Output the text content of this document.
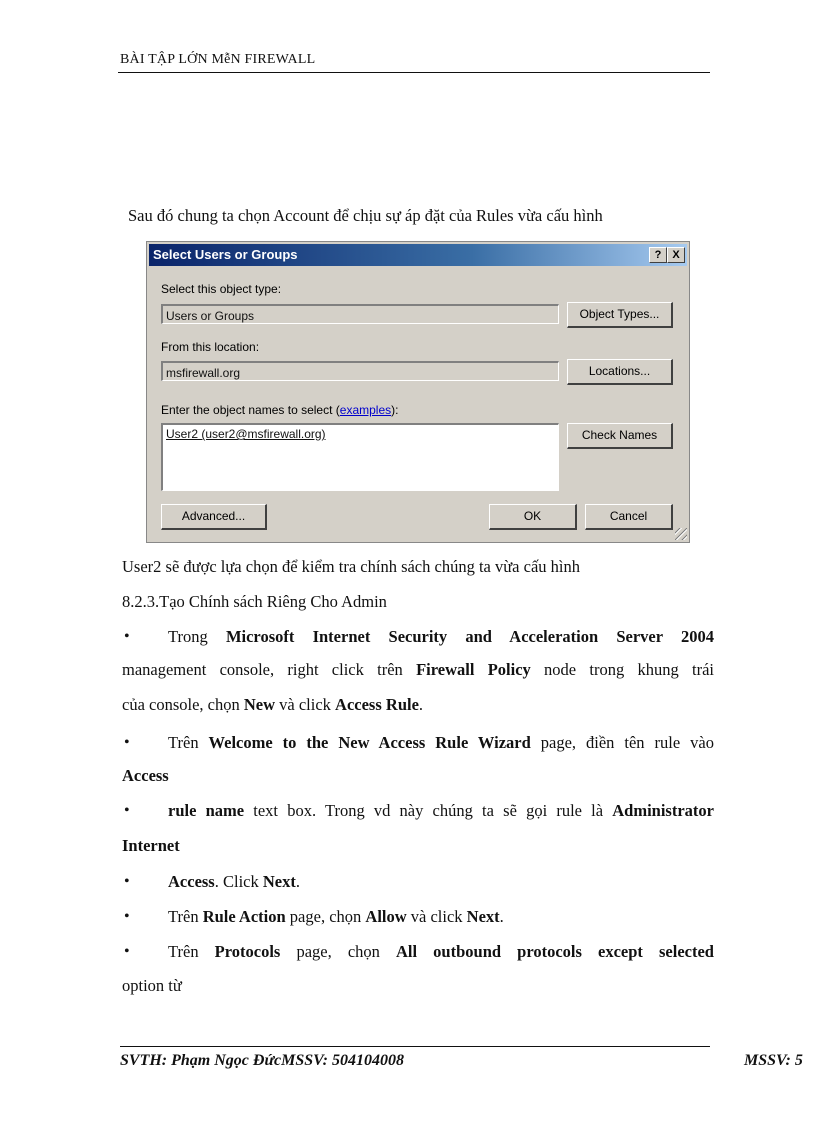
BÀI TẬP LỚN MễN FIREWALL
Sau đó chung ta chọn Account để chịu sự áp đặt của Rules vừa cấu hình
Select Users or Groups	? X
Select this object type:
Users or Groups	Object Types...
From this location:
msfirewall.org	Locations...
Enter the object names to select (examples):
User2 (user2@msfirewall.org)	Check Names
Advanced...	OK	Cancel
User2 sẽ được lựa chọn để kiểm tra chính sách chúng ta vừa cấu hình
8.2.3.Tạo Chính sách Riêng Cho Admin
• Trong Microsoft Internet Security and Acceleration Server 2004
management console, right click trên Firewall Policy node trong khung trái
của console, chọn New và click Access Rule.
• Trên Welcome to the New Access Rule Wizard page, điền tên rule vào
Access
• rule name text box. Trong vd này chúng ta sẽ gọi rule là Administrator
Internet
• Access. Click Next.
• Trên Rule Action page, chọn Allow và click Next.
• Trên Protocols page, chọn All outbound protocols except selected
option từ
SVTH: Phạm Ngọc ĐứcMSSV: 504104008	MSSV: 5
